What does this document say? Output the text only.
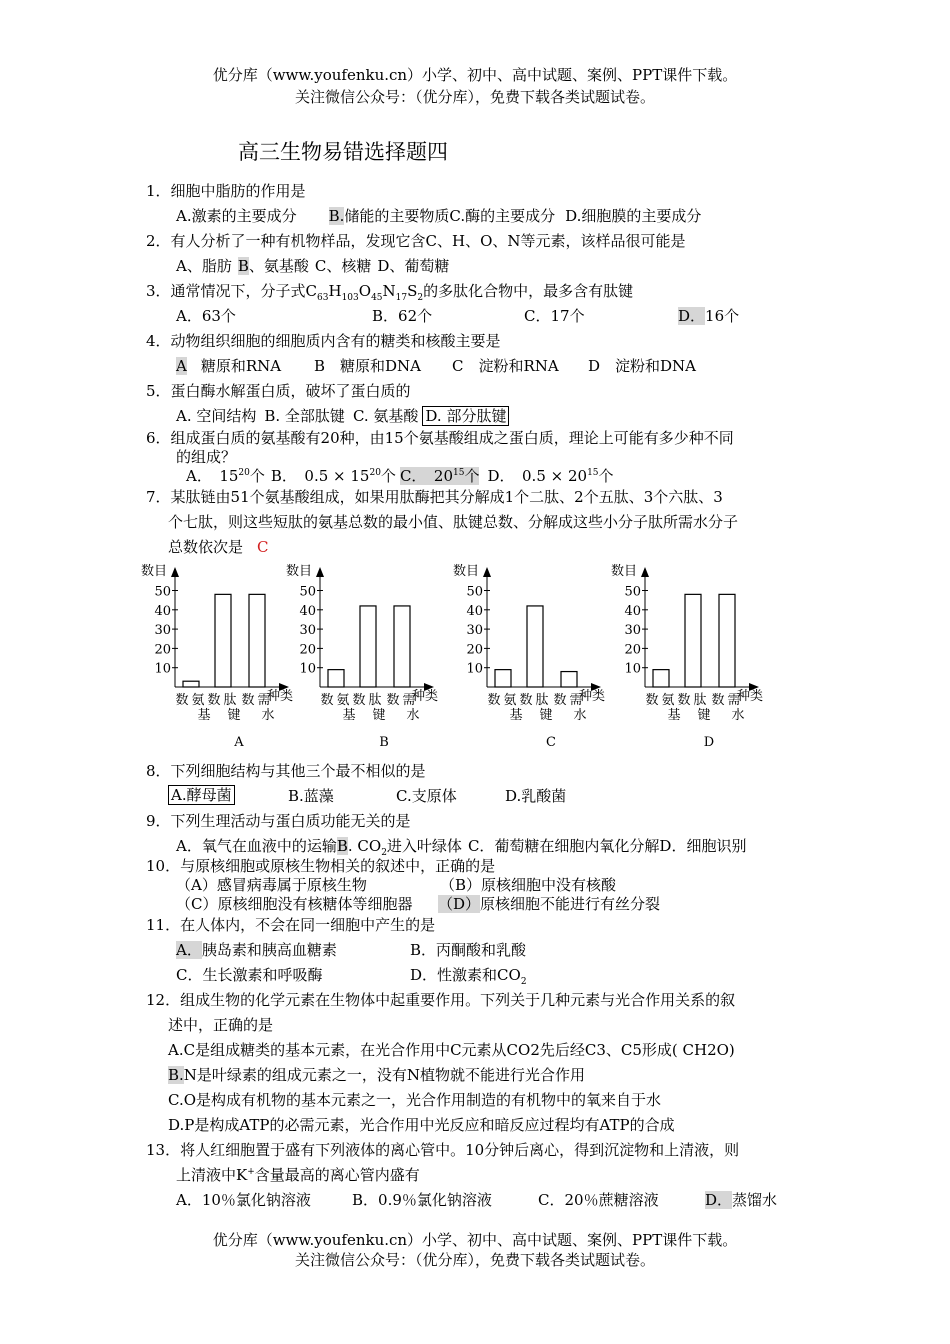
优分库（www.youfenku.cn）小学、初中、高中试题、案例、PPT课件下载。
关注微信公众号：（优分库），免费下载各类试题试卷。
高三生物易错选择题四
1．细胞中脂肪的作用是
A.激素的主要成分 B.储能的主要物质C.酶的主要成分 D.细胞膜的主要成分
2．有人分析了一种有机物样品，发现它含C、H、O、N等元素，该样品很可能是
A、脂肪 B、氨基酸 C、核糖 D、葡萄糖
3．通常情况下，分子式$C_{63}H_{103}O_{45}N_{17}S_2$的多肽化合物中，最多含有肽键
A．63个	B．62个	C．17个	D．16个
4．动物组织细胞的细胞质内含有的糖类和核酸主要是
A 糖原和RNA B　糖原和DNA C　淀粉和RNA D　淀粉和DNA
5．蛋白酶水解蛋白质，破坏了蛋白质的
A. 空间结构 B. 全部肽键 C. 氨基酸 D. 部分肽键
6．组成蛋白质的氨基酸有20种，由15个氨基酸组成之蛋白质，理论上可能有多少种不同
的组成？
A．　$15^{20}$个 B．　$0.5 \times 15^{20}$个 C．　$20^{15}$个 D．　$0.5 \times 20^{15}$个
7．某肽链由51个氨基酸组成，如果用肽酶把其分解成1个二肽、2个五肽、3个六肽、3
个七肽，则这些短肽的氨基总数的最小值、肽键总数、分解成这些小分子肽所需水分子
总数依次是 C
数目
种类
10
20
30
40
50
数 氨 数 肽 数 需
基 键 水
A
数目
种类
10
20
30
40
50
数 氨 数 肽 数 需
基 键 水
B
数目
种类
10
20
30
40
50
数 氨 数 肽 数 需
基 键 水
C
数目
种类
10
20
30
40
50
数 氨 数 肽 数 需
基 键 水
D
8．下列细胞结构与其他三个最不相似的是
A.酵母菌	B.蓝藻	C.支原体	D.乳酸菌
9．下列生理活动与蛋白质功能无关的是
A．氧气在血液中的运输B. $CO_2$进入叶绿体 C．葡萄糖在细胞内氧化分解D．细胞识别
10．与原核细胞或原核生物相关的叙述中，正确的是
（A）感冒病毒属于原核生物	（B）原核细胞中没有核酸
（C）原核细胞没有核糖体等细胞器 （D）原核细胞不能进行有丝分裂
11．在人体内，不会在同一细胞中产生的是
A．胰岛素和胰高血糖素	B．丙酮酸和乳酸
C．生长激素和呼吸酶	D．性激素和$CO_2$
12．组成生物的化学元素在生物体中起重要作用。下列关于几种元素与光合作用关系的叙
述中，正确的是
A.C是组成糖类的基本元素，在光合作用中C元素从CO2先后经C3、C5形成( CH2O)
B.N是叶绿素的组成元素之一，没有N植物就不能进行光合作用
C.O是构成有机物的基本元素之一，光合作用制造的有机物中的氧来自于水
D.P是构成ATP的必需元素，光合作用中光反应和暗反应过程均有ATP的合成
13．将人红细胞置于盛有下列液体的离心管中。10分钟后离心，得到沉淀物和上清液，则
上清液中K+含量最高的离心管内盛有
A．10％氯化钠溶液	B．0.9％氯化钠溶液	C．20％蔗糖溶液	D．蒸馏水
优分库（www.youfenku.cn）小学、初中、高中试题、案例、PPT课件下载。
关注微信公众号：（优分库），免费下载各类试题试卷。
